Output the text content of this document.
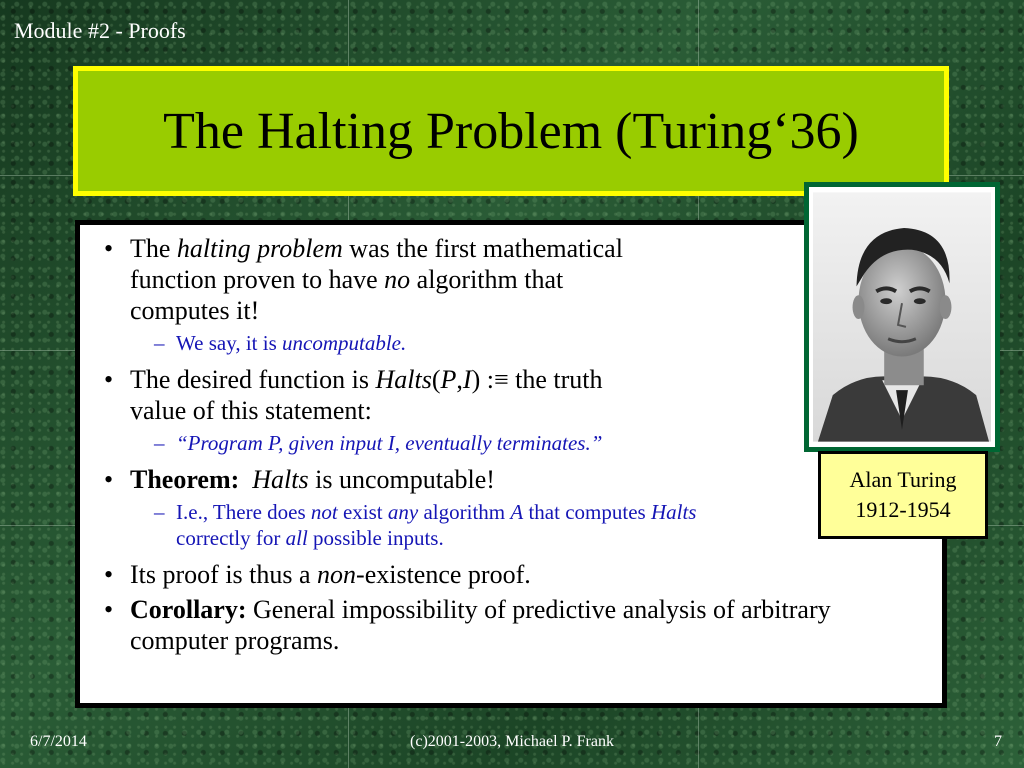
Module #2 - Proofs
The Halting Problem (Turing‘36)
• The halting problem was the first mathematical function proven to have no algorithm that computes it!
– We say, it is uncomputable.
• The desired function is Halts(P,I) :≡ the truth value of this statement:
– “Program P, given input I, eventually terminates.”
• Theorem: Halts is uncomputable!
– I.e., There does not exist any algorithm A that computes Halts correctly for all possible inputs.
• Its proof is thus a non-existence proof.
• Corollary: General impossibility of predictive analysis of arbitrary computer programs.
Alan Turing
1912-1954
6/7/2014	(c)2001-2003, Michael P. Frank	7
